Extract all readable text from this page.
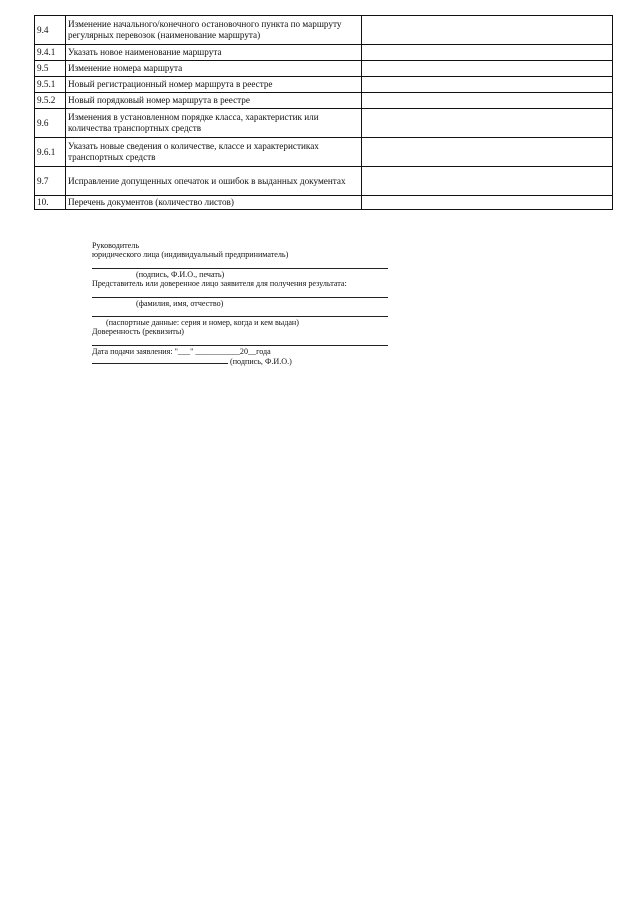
9.4	Изменение начального/конечного остановочного пункта по маршруту регулярных перевозок (наименование маршрута)	
9.4.1	Указать новое наименование маршрута	
9.5	Изменение номера маршрута	
9.5.1	Новый регистрационный номер маршрута в реестре	
9.5.2	Новый порядковый номер маршрута в реестре	
9.6	Изменения в установленном порядке класса, характеристик или количества транспортных средств	
9.6.1	Указать новые сведения о количестве, классе и характеристиках транспортных средств	
9.7	Исправление допущенных опечаток и ошибок в выданных документах	
10.	Перечень документов (количество листов)	
Руководитель
юридического лица (индивидуальный предприниматель)
(подпись, Ф.И.О., печать)
Представитель или доверенное лицо заявителя для получения результата:
(фамилия, имя, отчество)
(паспортные данные: серия и номер, когда и кем выдан)
Доверенность (реквизиты)
Дата подачи заявления: "___" ___________20__года
(подпись, Ф.И.О.)
